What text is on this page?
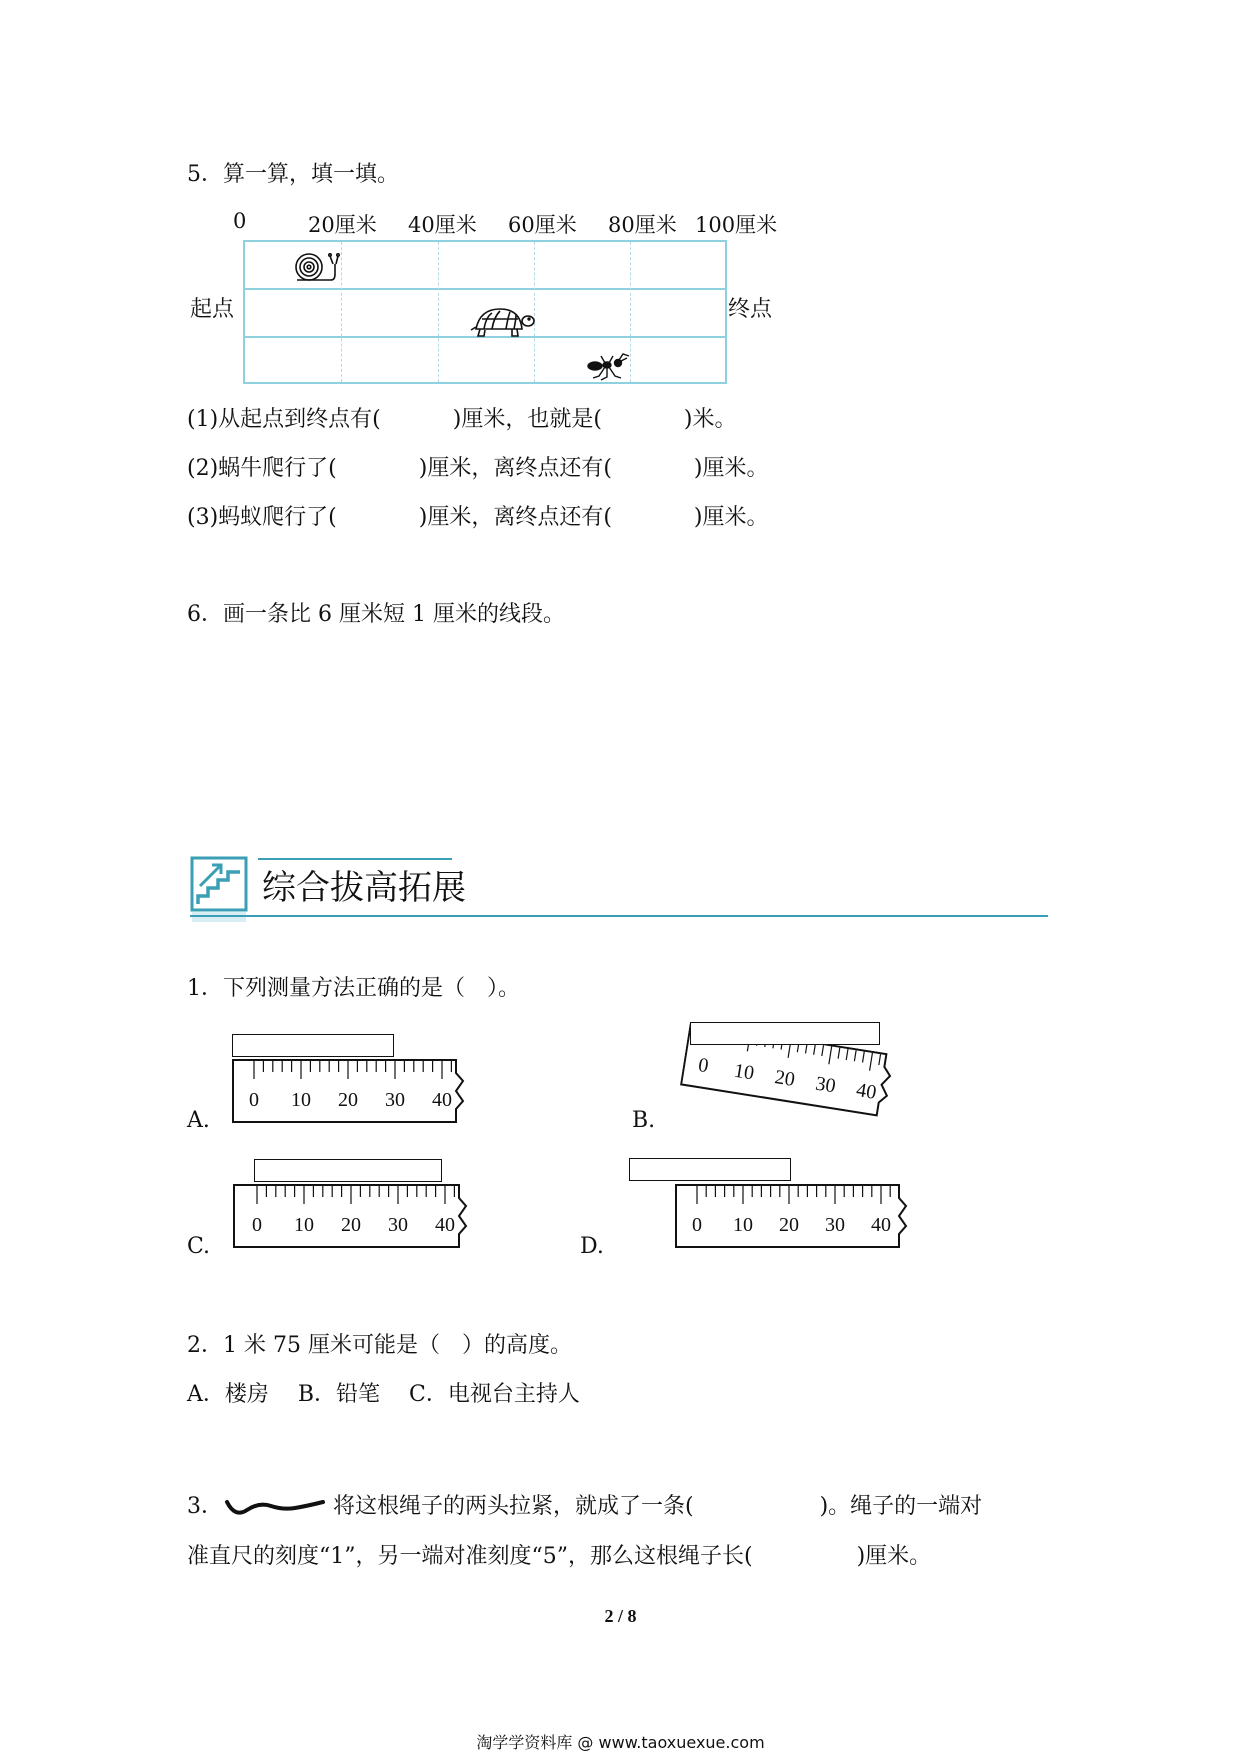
5．算一算，填一填。
0	20厘米 40厘米 60厘米 80厘米 100厘米
起点	终点
(1)从起点到终点有(	)厘米，也就是(	)米。
(2)蜗牛爬行了(	)厘米，离终点还有(	)厘米。
(3)蚂蚁爬行了(	)厘米，离终点还有(	)厘米。
6．画一条比 6 厘米短 1 厘米的线段。
综合拔高拓展
1．下列测量方法正确的是（　）。
A.
0 10 20 30 40
B.
0 10 20 30 40
C.
0 10 20 30 40
D.
0 10 20 30 40
2．1 米 75 厘米可能是（　）的高度。
A．楼房　 B．铅笔　 C．电视台主持人
3．	将这根绳子的两头拉紧，就成了一条(	)。绳子的一端对
准直尺的刻度“1”，另一端对准刻度“5”，那么这根绳子长(	)厘米。
2 / 8
淘学学资料库 @ www.taoxuexue.com
